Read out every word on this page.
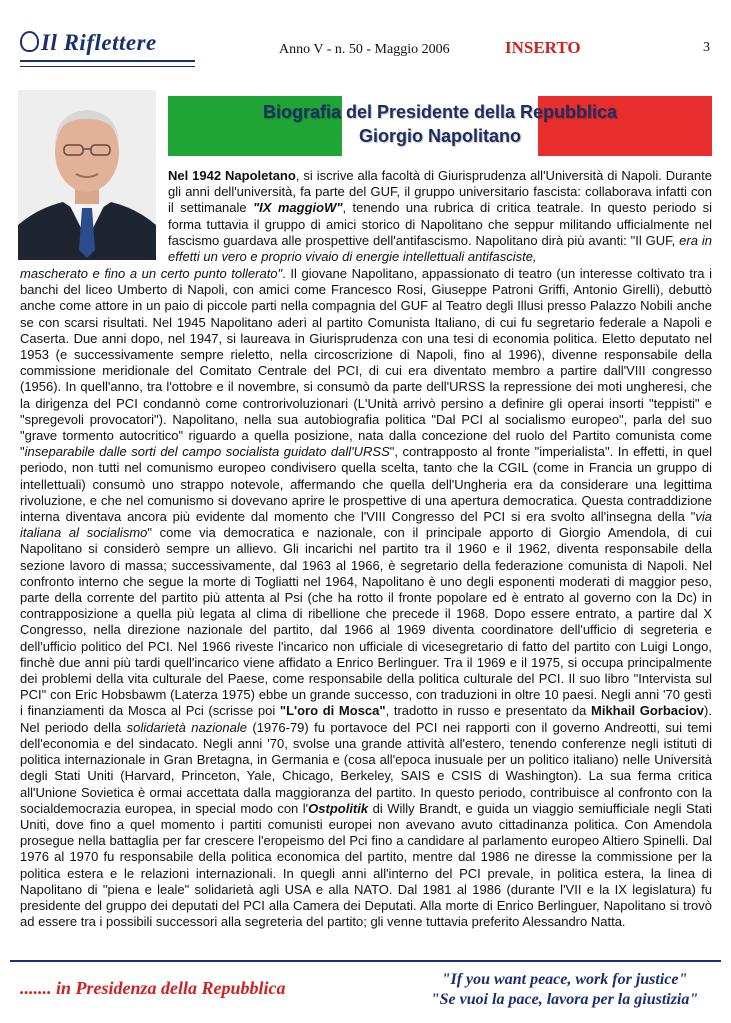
Il Riflettere	Anno V - n. 50 - Maggio 2006	INSERTO	3
Biografia del Presidente della Repubblica
Giorgio Napolitano
Nel 1942 Napoletano, si iscrive alla facoltà di Giurisprudenza all'Università di Napoli. Durante gli anni dell'università, fa parte del GUF, il gruppo universitario fascista: collaborava infatti con il settimanale "IX maggioW", tenendo una rubrica di critica teatrale. In questo periodo si forma tuttavia il gruppo di amici storico di Napolitano che seppur militando ufficialmente nel fascismo guardava alle prospettive dell'antifascismo. Napolitano dirà più avanti: "Il GUF, era in effetti un vero e proprio vivaio di energie intellettuali antifasciste,
mascherato e fino a un certo punto tollerato". Il giovane Napolitano, appassionato di teatro (un interesse coltivato tra i banchi del liceo Umberto di Napoli, con amici come Francesco Rosi, Giuseppe Patroni Griffi, Antonio Girelli), debuttò anche come attore in un paio di piccole parti nella compagnia del GUF al Teatro degli Illusi presso Palazzo Nobili anche se con scarsi risultati. Nel 1945 Napolitano aderì al partito Comunista Italiano, di cui fu segretario federale a Napoli e Caserta. Due anni dopo, nel 1947, si laureava in Giurisprudenza con una tesi di economia politica. Eletto deputato nel 1953 (e successivamente sempre rieletto, nella circoscrizione di Napoli, fino al 1996), divenne responsabile della commissione meridionale del Comitato Centrale del PCI, di cui era diventato membro a partire dall'VIII congresso (1956). In quell'anno, tra l'ottobre e il novembre, si consumò da parte dell'URSS la repressione dei moti ungheresi, che la dirigenza del PCI condannò come controrivoluzionari (L'Unità arrivò persino a definire gli operai insorti "teppisti" e "spregevoli provocatori"). Napolitano, nella sua autobiografia politica "Dal PCI al socialismo europeo", parla del suo "grave tormento autocritico" riguardo a quella posizione, nata dalla concezione del ruolo del Partito comunista come "inseparabile dalle sorti del campo socialista guidato dall'URSS", contrapposto al fronte "imperialista". In effetti, in quel periodo, non tutti nel comunismo europeo condivisero quella scelta, tanto che la CGIL (come in Francia un gruppo di intellettuali) consumò uno strappo notevole, affermando che quella dell'Ungheria era da considerare una legittima rivoluzione, e che nel comunismo si dovevano aprire le prospettive di una apertura democratica. Questa contraddizione interna diventava ancora più evidente dal momento che l'VIII Congresso del PCI si era svolto all'insegna della "via italiana al socialismo" come via democratica e nazionale, con il principale apporto di Giorgio Amendola, di cui Napolitano si considerò sempre un allievo. Gli incarichi nel partito tra il 1960 e il 1962, diventa responsabile della sezione lavoro di massa; successivamente, dal 1963 al 1966, è segretario della federazione comunista di Napoli. Nel confronto interno che segue la morte di Togliatti nel 1964, Napolitano è uno degli esponenti moderati di maggior peso, parte della corrente del partito più attenta al Psi (che ha rotto il fronte popolare ed è entrato al governo con la Dc) in contrapposizione a quella più legata al clima di ribellione che precede il 1968. Dopo essere entrato, a partire dal X Congresso, nella direzione nazionale del partito, dal 1966 al 1969 diventa coordinatore dell'ufficio di segreteria e dell'ufficio politico del PCI. Nel 1966 riveste l'incarico non ufficiale di vicesegretario di fatto del partito con Luigi Longo, finchè due anni più tardi quell'incarico viene affidato a Enrico Berlinguer. Tra il 1969 e il 1975, si occupa principalmente dei problemi della vita culturale del Paese, come responsabile della politica culturale del PCI. Il suo libro "Intervista sul PCI" con Eric Hobsbawm (Laterza 1975) ebbe un grande successo, con traduzioni in oltre 10 paesi. Negli anni '70 gestì i finanziamenti da Mosca al Pci (scrisse poi "L'oro di Mosca", tradotto in russo e presentato da Mikhail Gorbaciov). Nel periodo della solidarietà nazionale (1976-79) fu portavoce del PCI nei rapporti con il governo Andreotti, sui temi dell'economia e del sindacato. Negli anni '70, svolse una grande attività all'estero, tenendo conferenze negli istituti di politica internazionale in Gran Bretagna, in Germania e (cosa all'epoca inusuale per un politico italiano) nelle Università degli Stati Uniti (Harvard, Princeton, Yale, Chicago, Berkeley, SAIS e CSIS di Washington). La sua ferma critica all'Unione Sovietica è ormai accettata dalla maggioranza del partito. In questo periodo, contribuisce al confronto con la socialdemocrazia europea, in special modo con l'Ostpolitik di Willy Brandt, e guida un viaggio semiufficiale negli Stati Uniti, dove fino a quel momento i partiti comunisti europei non avevano avuto cittadinanza politica. Con Amendola prosegue nella battaglia per far crescere l'eropeismo del Pci fino a candidare al parlamento europeo Altiero Spinelli. Dal 1976 al 1970 fu responsabile della politica economica del partito, mentre dal 1986 ne diresse la commissione per la politica estera e le relazioni internazionali. In quegli anni all'interno del PCI prevale, in politica estera, la linea di Napolitano di "piena e leale" solidarietà agli USA e alla NATO. Dal 1981 al 1986 (durante l'VII e la IX legislatura) fu presidente del gruppo dei deputati del PCI alla Camera dei Deputati. Alla morte di Enrico Berlinguer, Napolitano si trovò ad essere tra i possibili successori alla segreteria del partito; gli venne tuttavia preferito Alessandro Natta.
....... in Presidenza della Repubblica	"If you want peace, work for justice"
"Se vuoi la pace, lavora per la giustizia"
